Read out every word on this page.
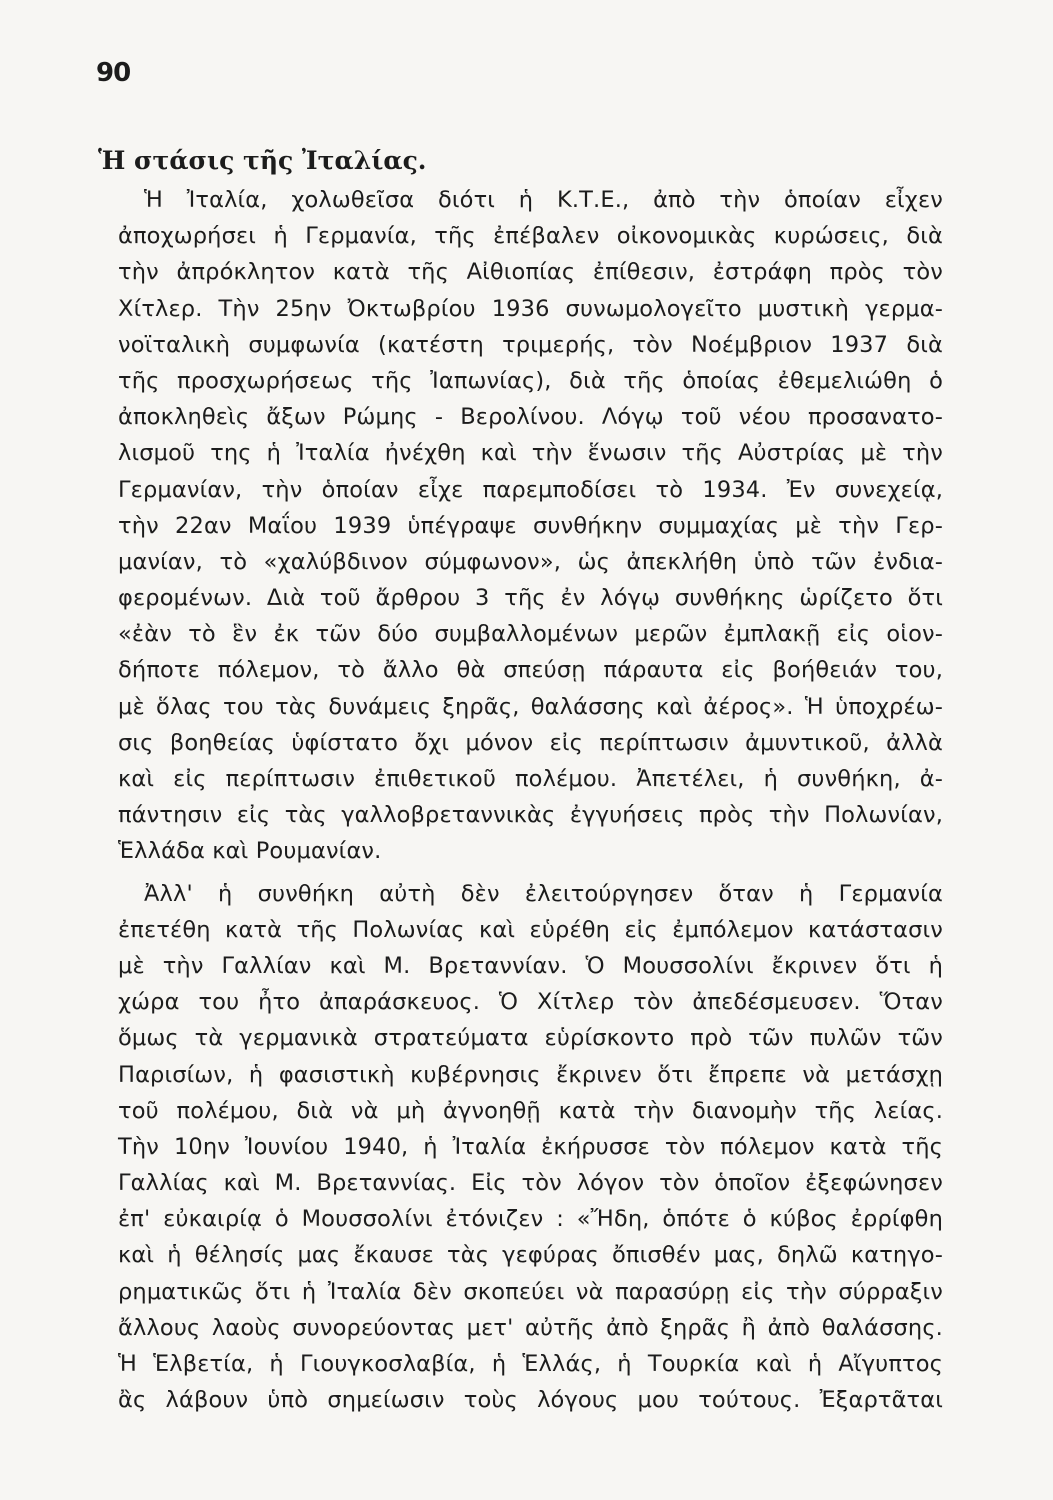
90
Ἡ στάσις τῆς Ἰταλίας.
Ἡ Ἰταλία, χολωθεῖσα διότι ἡ Κ.Τ.Ε., ἀπὸ τὴν ὁποίαν εἶχεν
ἀποχωρήσει ἡ Γερμανία, τῆς ἐπέβαλεν οἰκονομικὰς κυρώσεις, διὰ
τὴν ἀπρόκλητον κατὰ τῆς Αἰθιοπίας ἐπίθεσιν, ἐστράφη πρὸς τὸν
Χίτλερ. Τὴν 25ην Ὀκτωβρίου 1936 συνωμολογεῖτο μυστικὴ γερμα-
νοϊταλικὴ συμφωνία (κατέστη τριμερής, τὸν Νοέμβριον 1937 διὰ
τῆς προσχωρήσεως τῆς Ἰαπωνίας), διὰ τῆς ὁποίας ἐθεμελιώθη ὁ
ἀποκληθεὶς ἄξων Ρώμης - Βερολίνου. Λόγῳ τοῦ νέου προσανατο-
λισμοῦ της ἡ Ἰταλία ἠνέχθη καὶ τὴν ἕνωσιν τῆς Αὐστρίας μὲ τὴν
Γερμανίαν, τὴν ὁποίαν εἶχε παρεμποδίσει τὸ 1934. Ἐν συνεχείᾳ,
τὴν 22αν Μαΐου 1939 ὑπέγραψε συνθήκην συμμαχίας μὲ τὴν Γερ-
μανίαν, τὸ «χαλύβδινον σύμφωνον», ὡς ἀπεκλήθη ὑπὸ τῶν ἐνδια-
φερομένων. Διὰ τοῦ ἄρθρου 3 τῆς ἐν λόγῳ συνθήκης ὡρίζετο ὅτι
«ἐὰν τὸ ἓν ἐκ τῶν δύο συμβαλλομένων μερῶν ἐμπλακῇ εἰς οἱον-
δήποτε πόλεμον, τὸ ἄλλο θὰ σπεύσῃ πάραυτα εἰς βοήθειάν του,
μὲ ὅλας του τὰς δυνάμεις ξηρᾶς, θαλάσσης καὶ ἀέρος». Ἡ ὑποχρέω-
σις βοηθείας ὑφίστατο ὄχι μόνον εἰς περίπτωσιν ἀμυντικοῦ, ἀλλὰ
καὶ εἰς περίπτωσιν ἐπιθετικοῦ πολέμου. Ἀπετέλει, ἡ συνθήκη, ἀ-
πάντησιν εἰς τὰς γαλλοβρεταννικὰς ἐγγυήσεις πρὸς τὴν Πολωνίαν,
Ἑλλάδα καὶ Ρουμανίαν.
Ἀλλ' ἡ συνθήκη αὐτὴ δὲν ἐλειτούργησεν ὅταν ἡ Γερμανία
ἐπετέθη κατὰ τῆς Πολωνίας καὶ εὑρέθη εἰς ἐμπόλεμον κατάστασιν
μὲ τὴν Γαλλίαν καὶ Μ. Βρεταννίαν. Ὁ Μουσσολίνι ἔκρινεν ὅτι ἡ
χώρα του ἦτο ἀπαράσκευος. Ὁ Χίτλερ τὸν ἀπεδέσμευσεν. Ὅταν
ὅμως τὰ γερμανικὰ στρατεύματα εὑρίσκοντο πρὸ τῶν πυλῶν τῶν
Παρισίων, ἡ φασιστικὴ κυβέρνησις ἔκρινεν ὅτι ἔπρεπε νὰ μετάσχῃ
τοῦ πολέμου, διὰ νὰ μὴ ἀγνοηθῇ κατὰ τὴν διανομὴν τῆς λείας.
Τὴν 10ην Ἰουνίου 1940, ἡ Ἰταλία ἐκήρυσσε τὸν πόλεμον κατὰ τῆς
Γαλλίας καὶ Μ. Βρεταννίας. Εἰς τὸν λόγον τὸν ὁποῖον ἐξεφώνησεν
ἐπ' εὐκαιρίᾳ ὁ Μουσσολίνι ἐτόνιζεν : «Ἤδη, ὁπότε ὁ κύβος ἐρρίφθη
καὶ ἡ θέλησίς μας ἔκαυσε τὰς γεφύρας ὄπισθέν μας, δηλῶ κατηγο-
ρηματικῶς ὅτι ἡ Ἰταλία δὲν σκοπεύει νὰ παρασύρῃ εἰς τὴν σύρραξιν
ἄλλους λαοὺς συνορεύοντας μετ' αὐτῆς ἀπὸ ξηρᾶς ἢ ἀπὸ θαλάσσης.
Ἡ Ἑλβετία, ἡ Γιουγκοσλαβία, ἡ Ἑλλάς, ἡ Τουρκία καὶ ἡ Αἴγυπτος
ἂς λάβουν ὑπὸ σημείωσιν τοὺς λόγους μου τούτους. Ἐξαρτᾶται
